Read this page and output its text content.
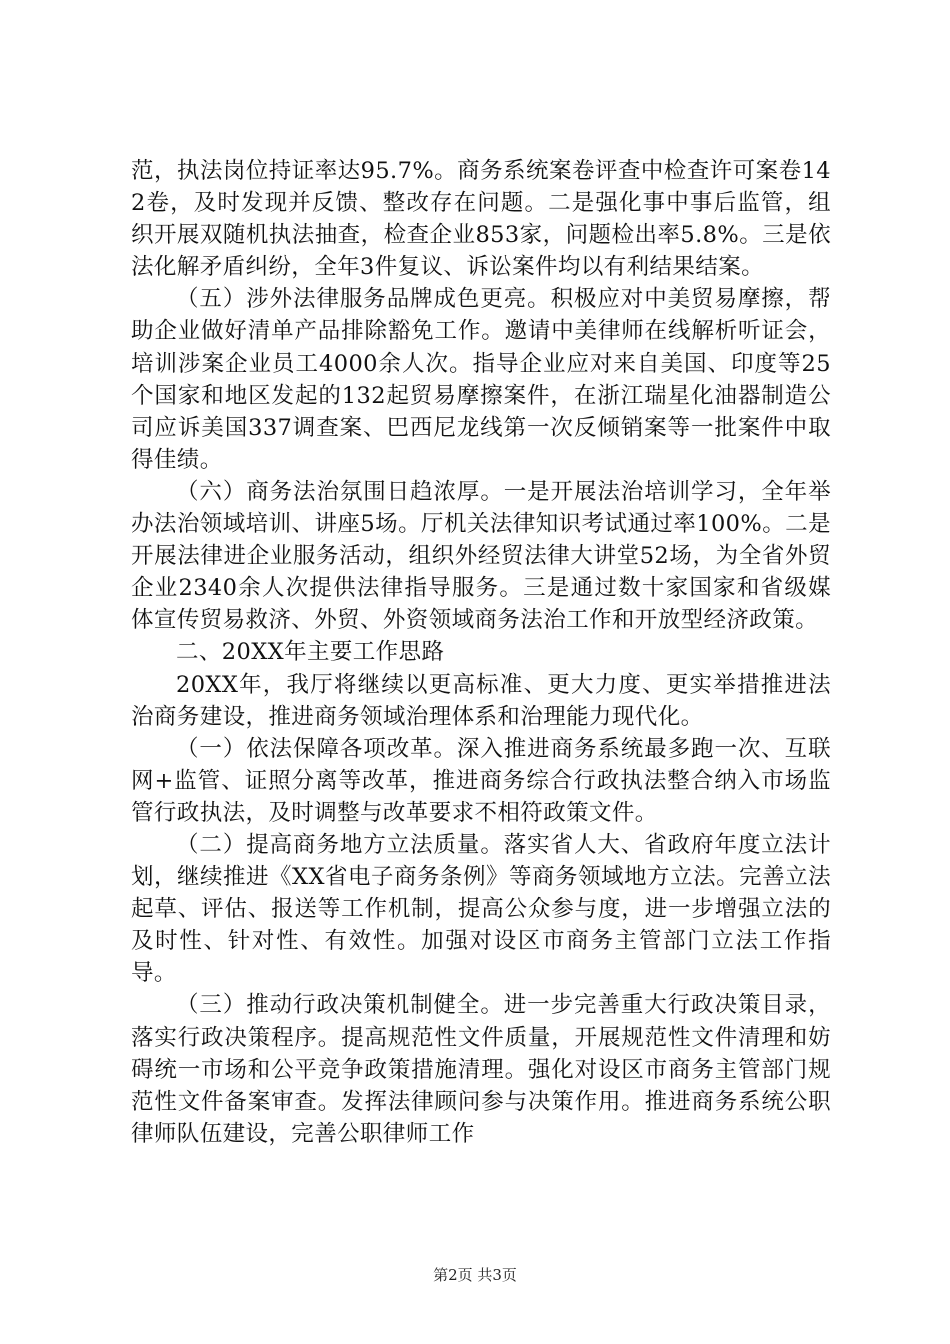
范，执法岗位持证率达95.7%。商务系统案卷评查中检查许可案卷142卷，及时发现并反馈、整改存在问题。二是强化事中事后监管，组织开展双随机执法抽查，检查企业853家，问题检出率5.8%。三是依法化解矛盾纠纷，全年3件复议、诉讼案件均以有利结果结案。

（五）涉外法律服务品牌成色更亮。积极应对中美贸易摩擦，帮助企业做好清单产品排除豁免工作。邀请中美律师在线解析听证会，培训涉案企业员工4000余人次。指导企业应对来自美国、印度等25个国家和地区发起的132起贸易摩擦案件，在浙江瑞星化油器制造公司应诉美国337调查案、巴西尼龙线第一次反倾销案等一批案件中取得佳绩。

（六）商务法治氛围日趋浓厚。一是开展法治培训学习，全年举办法治领域培训、讲座5场。厅机关法律知识考试通过率100%。二是开展法律进企业服务活动，组织外经贸法律大讲堂52场，为全省外贸企业2340余人次提供法律指导服务。三是通过数十家国家和省级媒体宣传贸易救济、外贸、外资领域商务法治工作和开放型经济政策。

二、20XX年主要工作思路

20XX年，我厅将继续以更高标准、更大力度、更实举措推进法治商务建设，推进商务领域治理体系和治理能力现代化。

（一）依法保障各项改革。深入推进商务系统最多跑一次、互联网+监管、证照分离等改革，推进商务综合行政执法整合纳入市场监管行政执法，及时调整与改革要求不相符政策文件。

（二）提高商务地方立法质量。落实省人大、省政府年度立法计划，继续推进《XX省电子商务条例》等商务领域地方立法。完善立法起草、评估、报送等工作机制，提高公众参与度，进一步增强立法的及时性、针对性、有效性。加强对设区市商务主管部门立法工作指导。

（三）推动行政决策机制健全。进一步完善重大行政决策目录，落实行政决策程序。提高规范性文件质量，开展规范性文件清理和妨碍统一市场和公平竞争政策措施清理。强化对设区市商务主管部门规范性文件备案审查。发挥法律顾问参与决策作用。推进商务系统公职律师队伍建设，完善公职律师工作

第2页 共3页
